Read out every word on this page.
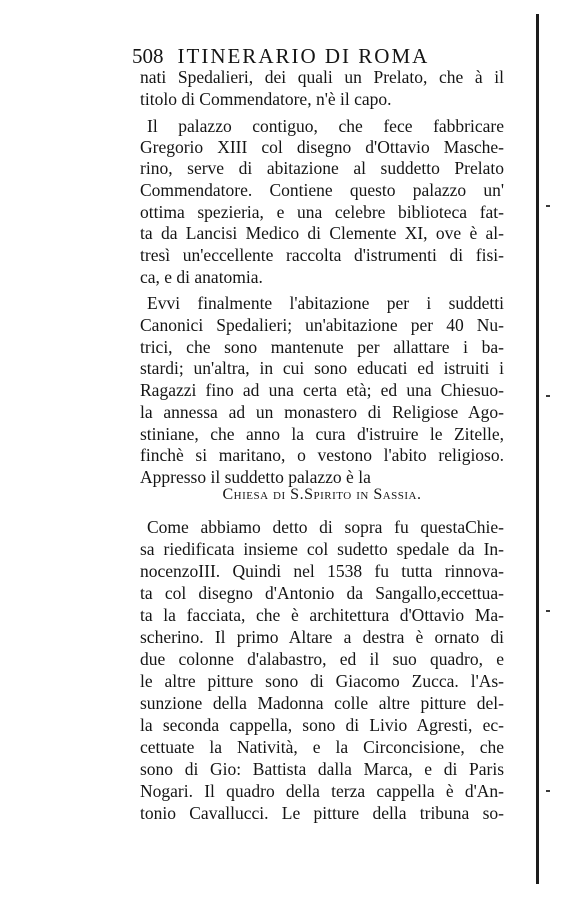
508 ITINERARIO DI ROMA
nati Spedalieri, dei quali un Prelato, che à il
titolo di Commendatore, n'è il capo.
Il palazzo contiguo, che fece fabbricare
Gregorio XIII col disegno d'Ottavio Masche-
rino, serve di abitazione al suddetto Prelato
Commendatore. Contiene questo palazzo un'
ottima spezieria, e una celebre biblioteca fat-
ta da Lancisi Medico di Clemente XI, ove è al-
tresì un'eccellente raccolta d'istrumenti di fisi-
ca, e di anatomia.
Evvi finalmente l'abitazione per i suddetti
Canonici Spedalieri; un'abitazione per 40 Nu-
trici, che sono mantenute per allattare i ba-
stardi; un'altra, in cui sono educati ed istruiti i
Ragazzi fino ad una certa età; ed una Chiesuo-
la annessa ad un monastero di Religiose Ago-
stiniane, che anno la cura d'istruire le Zitelle,
finchè si maritano, o vestono l'abito religioso.
Appresso il suddetto palazzo è la
Chiesa di S.Spirito in Sassia.
Come abbiamo detto di sopra fu questaChie-
sa riedificata insieme col sudetto spedale da In-
nocenzoIII. Quindi nel 1538 fu tutta rinnova-
ta col disegno d'Antonio da Sangallo,eccettua-
ta la facciata, che è architettura d'Ottavio Ma-
scherino. Il primo Altare a destra è ornato di
due colonne d'alabastro, ed il suo quadro, e
le altre pitture sono di Giacomo Zucca. l'As-
sunzione della Madonna colle altre pitture del-
la seconda cappella, sono di Livio Agresti, ec-
cettuate la Natività, e la Circoncisione, che
sono di Gio: Battista dalla Marca, e di Paris
Nogari. Il quadro della terza cappella è d'An-
tonio Cavallucci. Le pitture della tribuna so-
